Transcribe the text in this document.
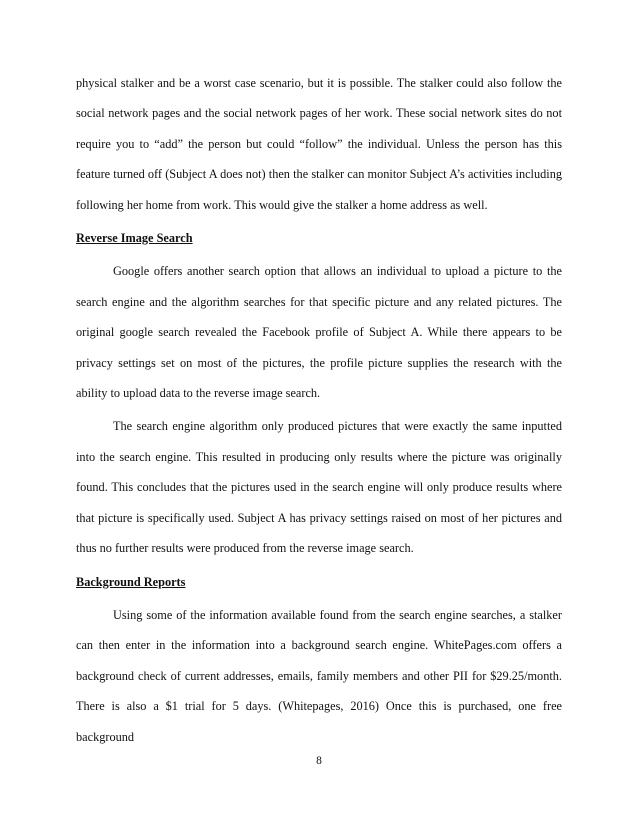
physical stalker and be a worst case scenario, but it is possible. The stalker could also follow the social network pages and the social network pages of her work. These social network sites do not require you to “add” the person but could “follow” the individual. Unless the person has this feature turned off (Subject A does not) then the stalker can monitor Subject A’s activities including following her home from work. This would give the stalker a home address as well.

Reverse Image Search

Google offers another search option that allows an individual to upload a picture to the search engine and the algorithm searches for that specific picture and any related pictures. The original google search revealed the Facebook profile of Subject A. While there appears to be privacy settings set on most of the pictures, the profile picture supplies the research with the ability to upload data to the reverse image search.

The search engine algorithm only produced pictures that were exactly the same inputted into the search engine. This resulted in producing only results where the picture was originally found. This concludes that the pictures used in the search engine will only produce results where that picture is specifically used. Subject A has privacy settings raised on most of her pictures and thus no further results were produced from the reverse image search.

Background Reports

Using some of the information available found from the search engine searches, a stalker can then enter in the information into a background search engine. WhitePages.com offers a background check of current addresses, emails, family members and other PII for $29.25/month. There is also a $1 trial for 5 days. (Whitepages, 2016) Once this is purchased, one free background

8
